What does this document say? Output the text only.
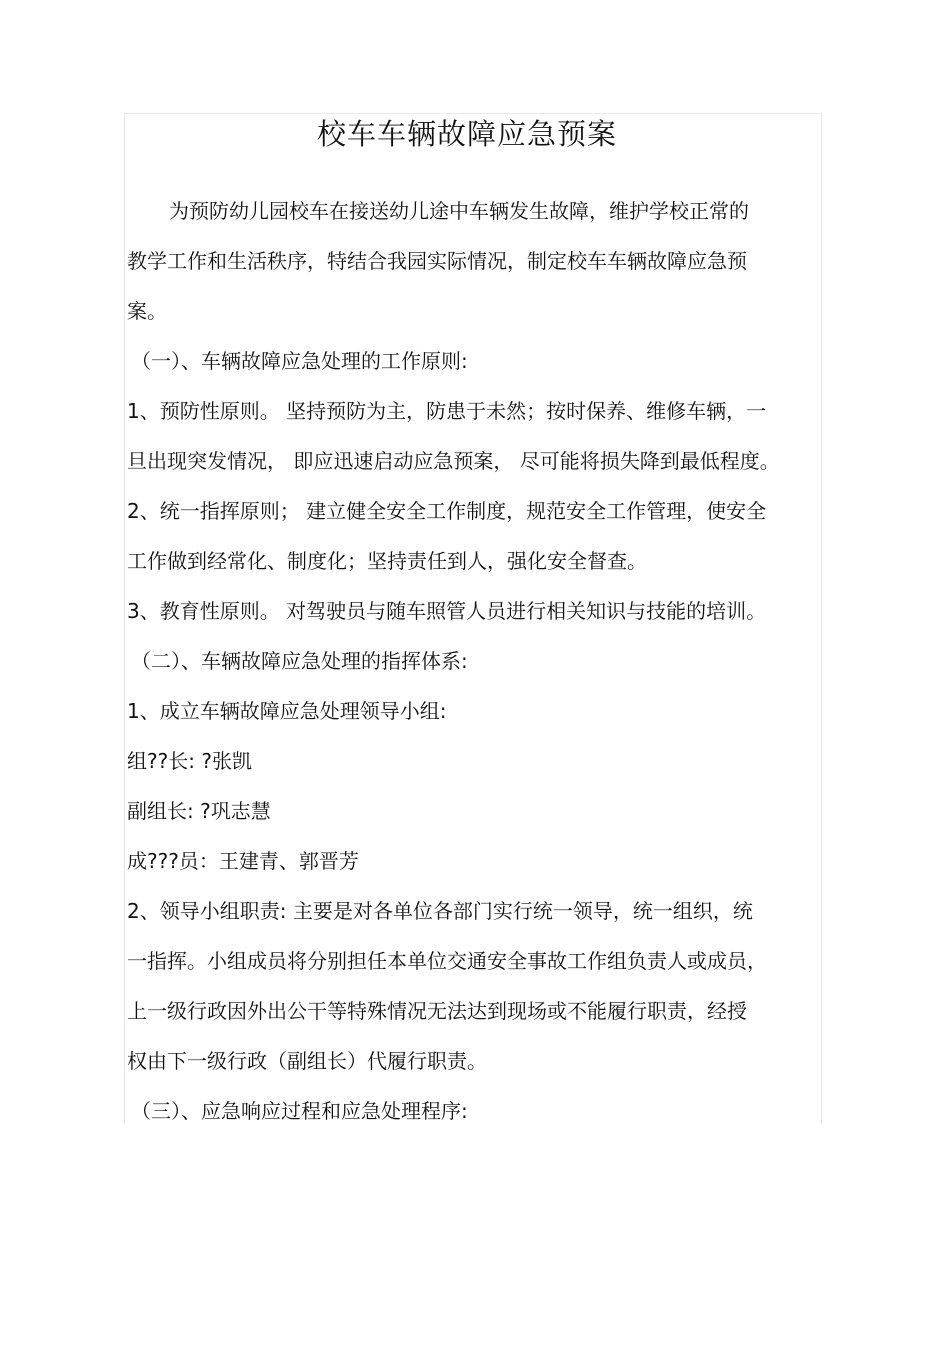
校车车辆故障应急预案
为预防幼儿园校车在接送幼儿途中车辆发生故障，维护学校正常的
教学工作和生活秩序，特结合我园实际情况，制定校车车辆故障应急预
案。
（一）、车辆故障应急处理的工作原则:
1、预防性原则。 坚持预防为主，防患于未然；按时保养、维修车辆，一
旦出现突发情况， 即应迅速启动应急预案， 尽可能将损失降到最低程度。
2、统一指挥原则； 建立健全安全工作制度，规范安全工作管理，使安全
工作做到经常化、制度化；坚持责任到人，强化安全督查。
3、教育性原则。 对驾驶员与随车照管人员进行相关知识与技能的培训。
（二）、车辆故障应急处理的指挥体系:
1、成立车辆故障应急处理领导小组:
组??长: ?张凯
副组长: ?巩志慧
成???员：王建青、郭晋芳
2、领导小组职责: 主要是对各单位各部门实行统一领导，统一组织，统
一指挥。小组成员将分别担任本单位交通安全事故工作组负责人或成员，
上一级行政因外出公干等特殊情况无法达到现场或不能履行职责，经授
权由下一级行政（副组长）代履行职责。
（三）、应急响应过程和应急处理程序:
